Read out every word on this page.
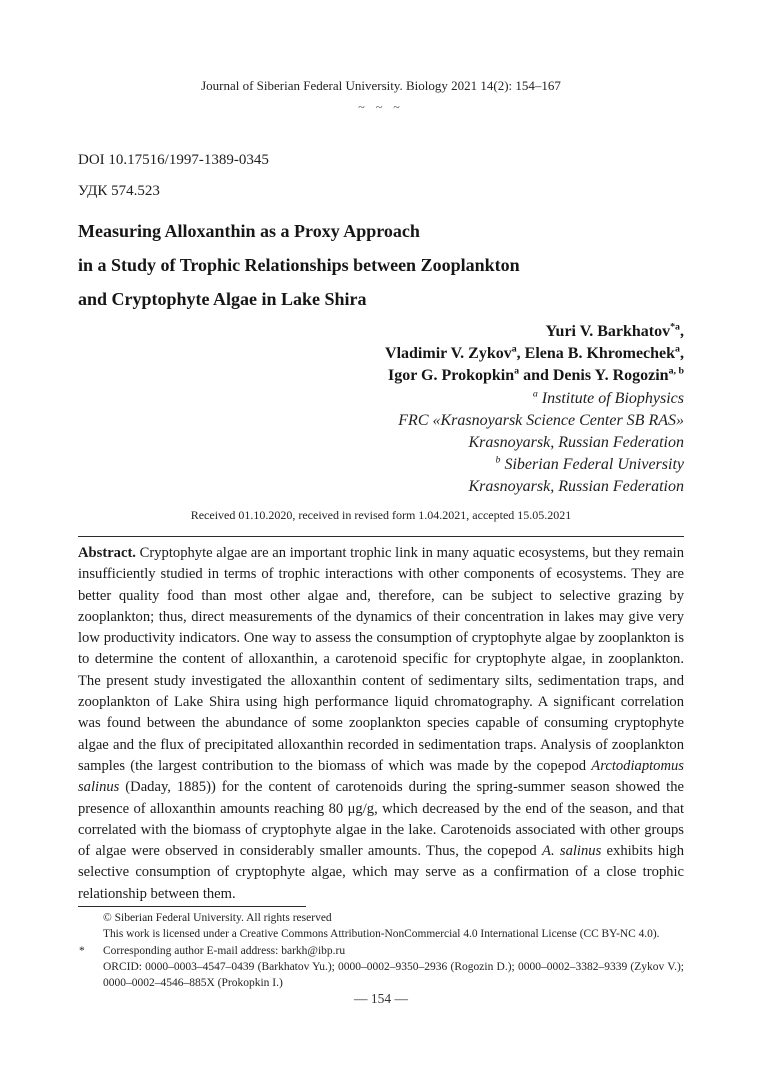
Journal of Siberian Federal University. Biology 2021 14(2): 154–167
~ ~ ~
DOI 10.17516/1997-1389-0345
УДК 574.523
Measuring Alloxanthin as a Proxy Approach
in a Study of Trophic Relationships between Zooplankton
and Cryptophyte Algae in Lake Shira
Yuri V. Barkhatov$^{*a}$,
Vladimir V. Zykov$^a$, Elena B. Khromechek$^a$,
Igor G. Prokopkin$^a$ and Denis Y. Rogozin$^{a, b}$
$^a$ Institute of Biophysics
FRC «Krasnoyarsk Science Center SB RAS»
Krasnoyarsk, Russian Federation
$^b$ Siberian Federal University
Krasnoyarsk, Russian Federation
Received 01.10.2020, received in revised form 1.04.2021, accepted 15.05.2021
Abstract. Cryptophyte algae are an important trophic link in many aquatic ecosystems, but they remain insufficiently studied in terms of trophic interactions with other components of ecosystems. They are better quality food than most other algae and, therefore, can be subject to selective grazing by zooplankton; thus, direct measurements of the dynamics of their concentration in lakes may give very low productivity indicators. One way to assess the consumption of cryptophyte algae by zooplankton is to determine the content of alloxanthin, a carotenoid specific for cryptophyte algae, in zooplankton. The present study investigated the alloxanthin content of sedimentary silts, sedimentation traps, and zooplankton of Lake Shira using high performance liquid chromatography. A significant correlation was found between the abundance of some zooplankton species capable of consuming cryptophyte algae and the flux of precipitated alloxanthin recorded in sedimentation traps. Analysis of zooplankton samples (the largest contribution to the biomass of which was made by the copepod Arctodiaptomus salinus (Daday, 1885)) for the content of carotenoids during the spring-summer season showed the presence of alloxanthin amounts reaching 80 μg/g, which decreased by the end of the season, and that correlated with the biomass of cryptophyte algae in the lake. Carotenoids associated with other groups of algae were observed in considerably smaller amounts. Thus, the copepod A. salinus exhibits high selective consumption of cryptophyte algae, which may serve as a confirmation of a close trophic relationship between them.
© Siberian Federal University. All rights reserved
This work is licensed under a Creative Commons Attribution-NonCommercial 4.0 International License (CC BY-NC 4.0).
* Corresponding author E-mail address: barkh@ibp.ru
ORCID: 0000–0003–4547–0439 (Barkhatov Yu.); 0000–0002–9350–2936 (Rogozin D.); 0000–0002–3382–9339 (Zykov V.); 0000–0002–4546–885X (Prokopkin I.)
— 154 —
